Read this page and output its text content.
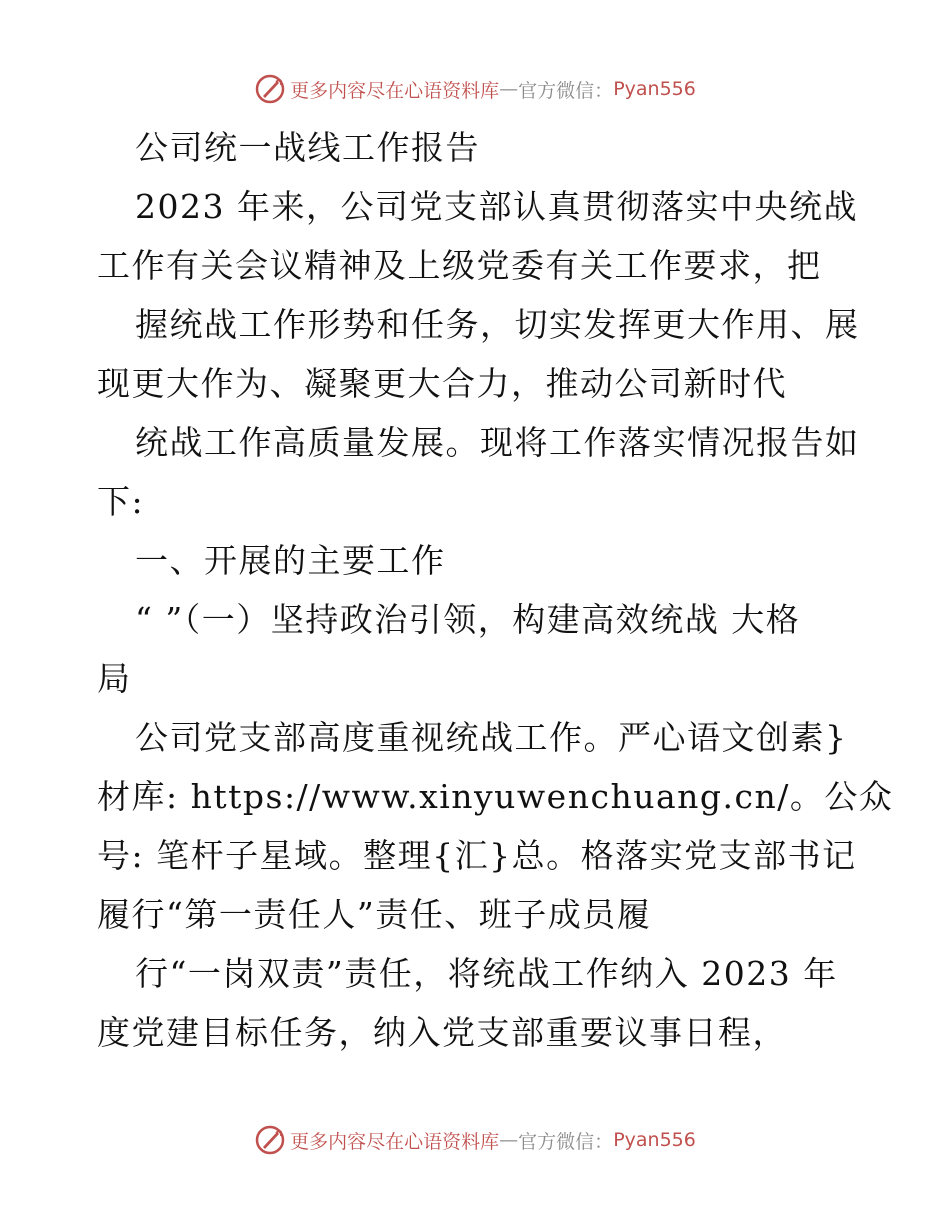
更多内容尽在心语资料库 — 官方微信： Pyan556
公司统一战线工作报告
2023 年来，公司党支部认真贯彻落实中央统战
工作有关会议精神及上级党委有关工作要求，把
握统战工作形势和任务，切实发挥更大作用、展
现更大作为、凝聚更大合力，推动公司新时代
统战工作高质量发展。现将工作落实情况报告如
下:
一、开展的主要工作
“ ”（一）坚持政治引领，构建高效统战 大格
局
公司党支部高度重视统战工作。严心语文创素}
材库: https://www.xinyuwenchuang.cn/。公众
号: 笔杆子星域。整理{汇}总。格落实党支部书记
履行“第一责任人”责任、班子成员履
行“一岗双责”责任，将统战工作纳入 2023 年
度党建目标任务，纳入党支部重要议事日程，
更多内容尽在心语资料库 — 官方微信： Pyan556
